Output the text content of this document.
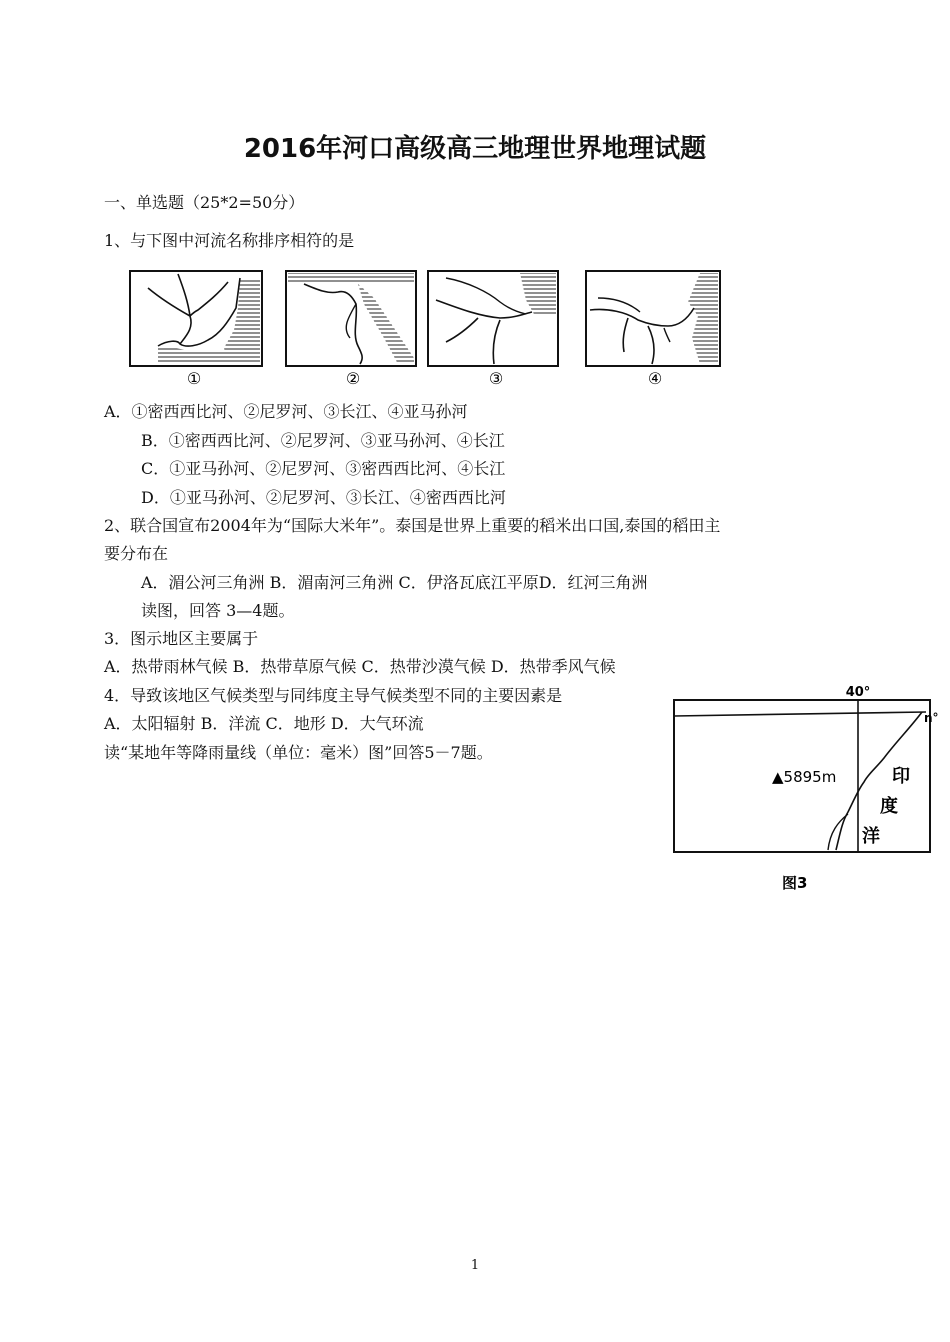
2016年河口高级高三地理世界地理试题
一、单选题（25*2=50分）
1、与下图中河流名称排序相符的是
①	②	③	④
A．①密西西比河、②尼罗河、③长江、④亚马孙河
B．①密西西比河、②尼罗河、③亚马孙河、④长江
C．①亚马孙河、②尼罗河、③密西西比河、④长江
D．①亚马孙河、②尼罗河、③长江、④密西西比河
2、联合国宣布2004年为“国际大米年”。泰国是世界上重要的稻米出口国,泰国的稻田主
要分布在
A．湄公河三角洲 B．湄南河三角洲 C．伊洛瓦底江平原D．红河三角洲
读图，回答 3—4题。
3．图示地区主要属于
A．热带雨林气候 B．热带草原气候 C．热带沙漠气候 D．热带季风气候
4．导致该地区气候类型与同纬度主导气候类型不同的主要因素是
A．太阳辐射 B．洋流 C．地形 D．大气环流
读“某地年等降雨量线（单位：毫米）图”回答5－7题。
40°
n°
▲5895m	印
度
洋
图3
1
